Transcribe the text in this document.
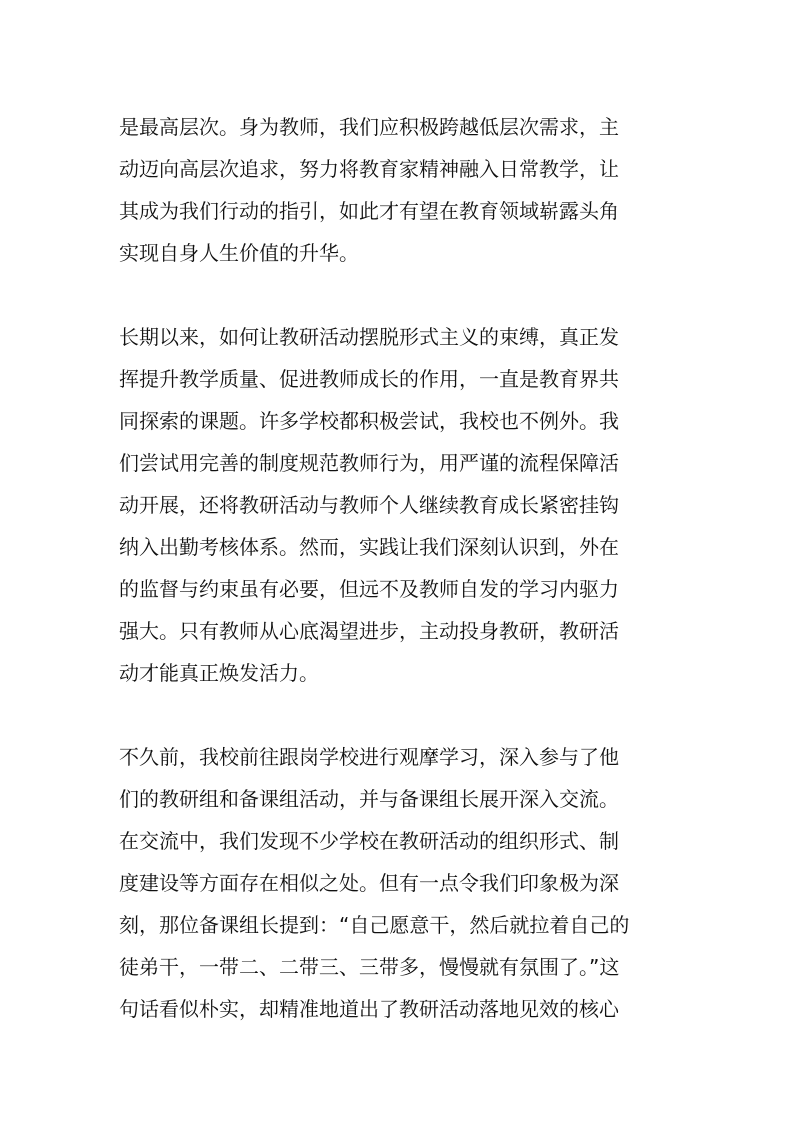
是最高层次。身为教师，我们应积极跨越低层次需求，主
动迈向高层次追求，努力将教育家精神融入日常教学，让
其成为我们行动的指引，如此才有望在教育领域崭露头角
实现自身人生价值的升华。
长期以来，如何让教研活动摆脱形式主义的束缚，真正发
挥提升教学质量、促进教师成长的作用，一直是教育界共
同探索的课题。许多学校都积极尝试，我校也不例外。我
们尝试用完善的制度规范教师行为，用严谨的流程保障活
动开展，还将教研活动与教师个人继续教育成长紧密挂钩
纳入出勤考核体系。然而，实践让我们深刻认识到，外在
的监督与约束虽有必要，但远不及教师自发的学习内驱力
强大。只有教师从心底渴望进步，主动投身教研，教研活
动才能真正焕发活力。
不久前，我校前往跟岗学校进行观摩学习，深入参与了他
们的教研组和备课组活动，并与备课组长展开深入交流。
在交流中，我们发现不少学校在教研活动的组织形式、制
度建设等方面存在相似之处。但有一点令我们印象极为深
刻，那位备课组长提到：“自己愿意干，然后就拉着自己的
徒弟干，一带二、二带三、三带多，慢慢就有氛围了。”这
句话看似朴实，却精准地道出了教研活动落地见效的核心
